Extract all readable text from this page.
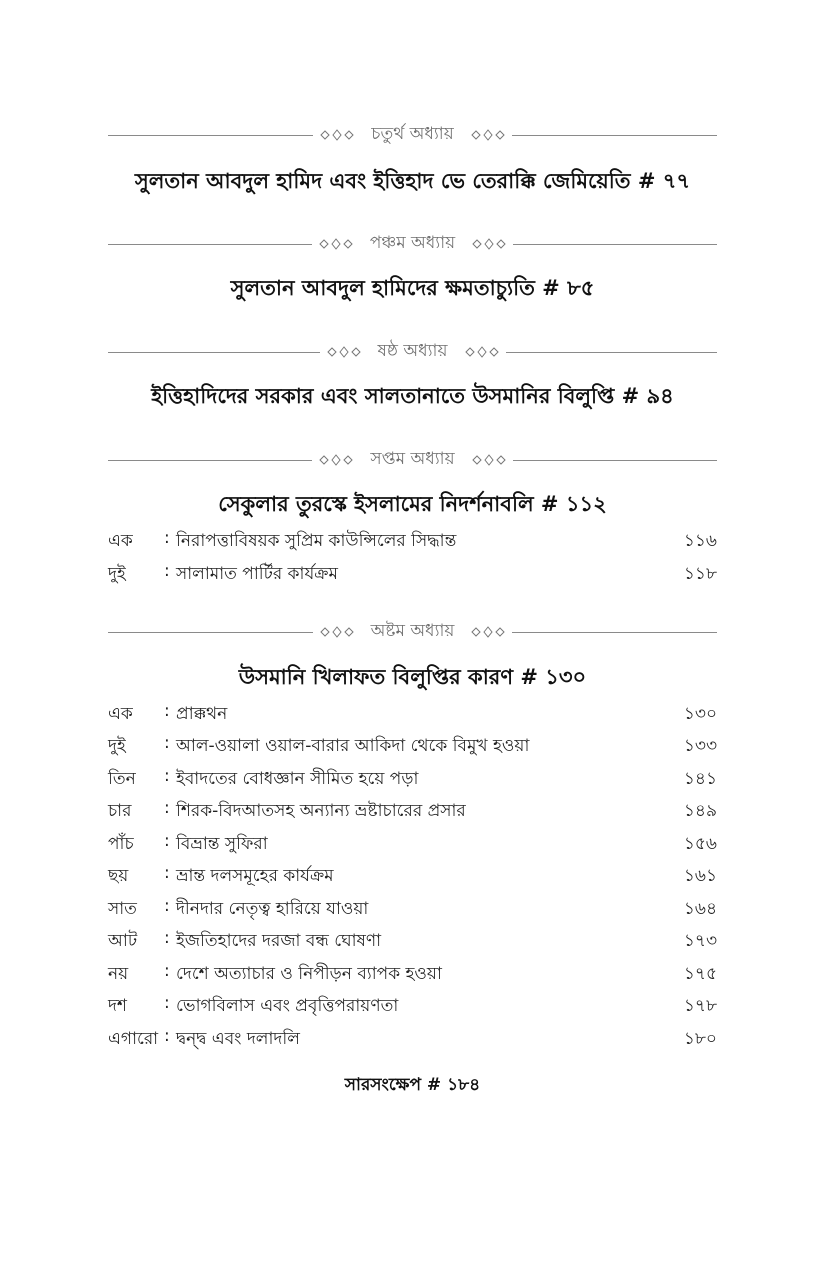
চতুর্থ অধ্যায়
সুলতান আবদুল হামিদ এবং ইত্তিহাদ ভে তেরাক্কি জেমিয়েতি # ৭৭
পঞ্চম অধ্যায়
সুলতান আবদুল হামিদের ক্ষমতাচ্যুতি # ৮৫
ষষ্ঠ অধ্যায়
ইত্তিহাদিদের সরকার এবং সালতানাতে উসমানির বিলুপ্তি # ৯৪
সপ্তম অধ্যায়
সেকুলার তুরস্কে ইসলামের নিদর্শনাবলি # ১১২
এক : নিরাপত্তাবিষয়ক সুপ্রিম কাউন্সিলের সিদ্ধান্ত	১১৬
দুই : সালামাত পার্টির কার্যক্রম	১১৮
অষ্টম অধ্যায়
উসমানি খিলাফত বিলুপ্তির কারণ # ১৩০
এক : প্রাক্কথন	১৩০
দুই : আল-ওয়ালা ওয়াল-বারার আকিদা থেকে বিমুখ হওয়া	১৩৩
তিন : ইবাদতের বোধজ্ঞান সীমিত হয়ে পড়া	১৪১
চার : শিরক-বিদআতসহ অন্যান্য ভ্রষ্টাচারের প্রসার	১৪৯
পাঁচ : বিভ্রান্ত সুফিরা	১৫৬
ছয় : ভ্রান্ত দলসমূহের কার্যক্রম	১৬১
সাত : দীনদার নেতৃত্ব হারিয়ে যাওয়া	১৬৪
আট : ইজতিহাদের দরজা বন্ধ ঘোষণা	১৭৩
নয় : দেশে অত্যাচার ও নিপীড়ন ব্যাপক হওয়া	১৭৫
দশ : ভোগবিলাস এবং প্রবৃত্তিপরায়ণতা	১৭৮
এগারো : দ্বন্দ্ব এবং দলাদলি	১৮০
সারসংক্ষেপ # ১৮৪
